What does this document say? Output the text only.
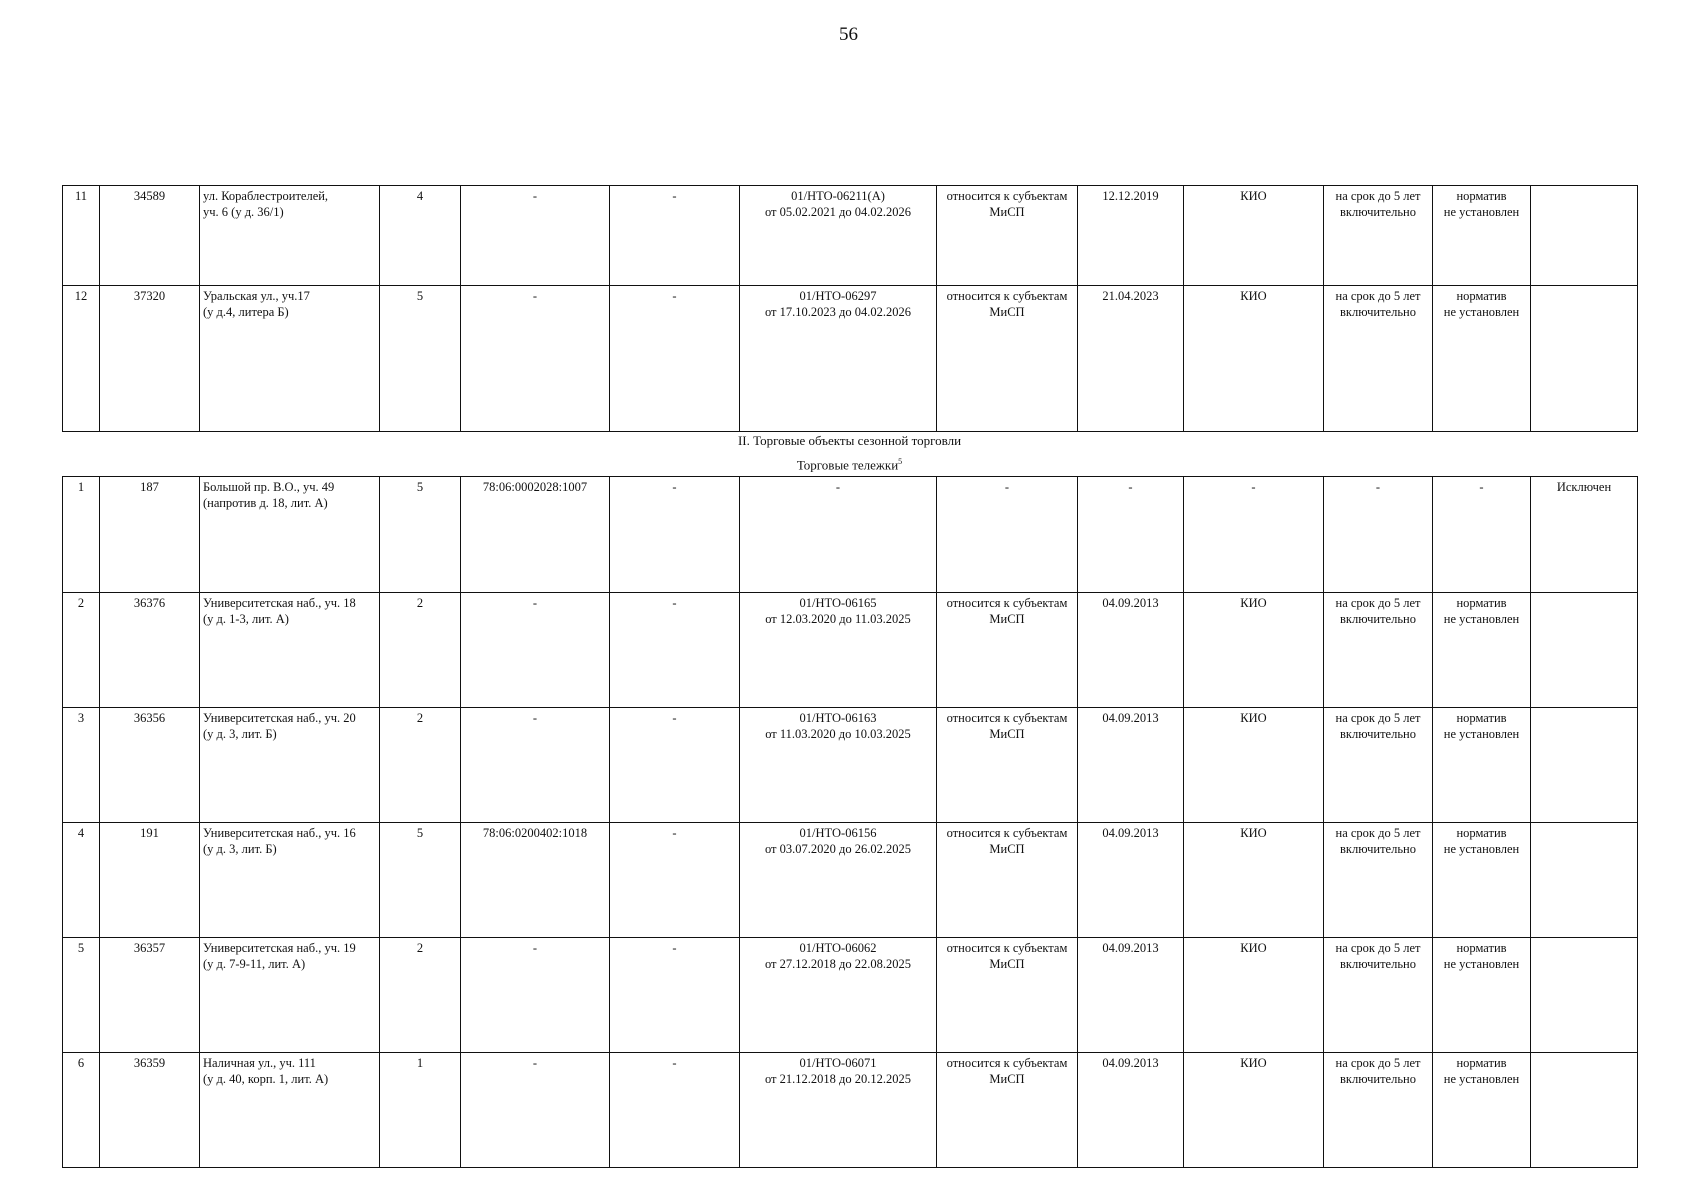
56
11	34589	ул. Кораблестроителей,
уч. 6 (у д. 36/1)	4	-	-	01/НТО-06211(А)
от 05.02.2021 до 04.02.2026	относится к субъектам
МиСП	12.12.2019	КИО	на срок до 5 лет
включительно	норматив
не установлен	

12	37320	Уральская ул., уч.17
(у д.4, литера Б)	5	-	-	01/НТО-06297
от 17.10.2023 до 04.02.2026	относится к субъектам
МиСП	21.04.2023	КИО	на срок до 5 лет
включительно	норматив
не установлен	

II. Торговые объекты сезонной торговли
Торговые тележки$^5$
1	187	Большой пр. В.О., уч. 49
(напротив д. 18, лит. А)	5	78:06:0002028:1007	-	-	-	-	-	-	-	Исключен

2	36376	Университетская наб., уч. 18
(у д. 1-3, лит. А)	2	-	-	01/НТО-06165
от 12.03.2020 до 11.03.2025	относится к субъектам
МиСП	04.09.2013	КИО	на срок до 5 лет
включительно	норматив
не установлен	

3	36356	Университетская наб., уч. 20
(у д. 3, лит. Б)	2	-	-	01/НТО-06163
от 11.03.2020 до 10.03.2025	относится к субъектам
МиСП	04.09.2013	КИО	на срок до 5 лет
включительно	норматив
не установлен	

4	191	Университетская наб., уч. 16
(у д. 3, лит. Б)	5	78:06:0200402:1018	-	01/НТО-06156
от 03.07.2020 до 26.02.2025	относится к субъектам
МиСП	04.09.2013	КИО	на срок до 5 лет
включительно	норматив
не установлен	

5	36357	Университетская наб., уч. 19
(у д. 7-9-11, лит. А)	2	-	-	01/НТО-06062
от 27.12.2018 до 22.08.2025	относится к субъектам
МиСП	04.09.2013	КИО	на срок до 5 лет
включительно	норматив
не установлен	

6	36359	Наличная ул., уч. 111
(у д. 40, корп. 1, лит. А)	1	-	-	01/НТО-06071
от 21.12.2018 до 20.12.2025	относится к субъектам
МиСП	04.09.2013	КИО	на срок до 5 лет
включительно	норматив
не установлен	
